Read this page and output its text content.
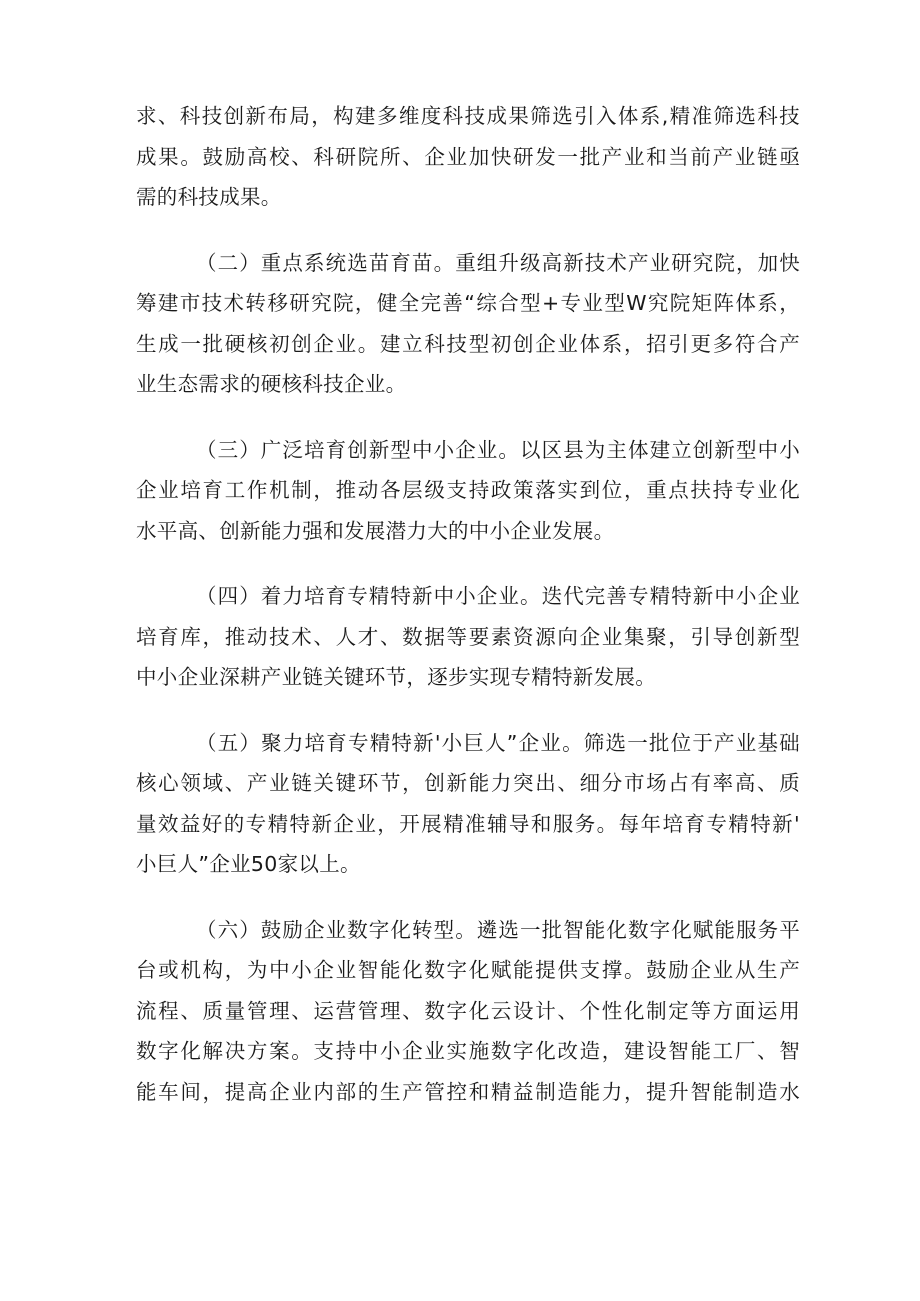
求、科技创新布局，构建多维度科技成果筛选引入体系,精准筛选科技
成果。鼓励高校、科研院所、企业加快研发一批产业和当前产业链亟
需的科技成果。
（二）重点系统选苗育苗。重组升级高新技术产业研究院，加快
筹建市技术转移研究院，健全完善“综合型+专业型W究院矩阵体系，
生成一批硬核初创企业。建立科技型初创企业体系，招引更多符合产
业生态需求的硬核科技企业。
（三）广泛培育创新型中小企业。以区县为主体建立创新型中小
企业培育工作机制，推动各层级支持政策落实到位，重点扶持专业化
水平高、创新能力强和发展潜力大的中小企业发展。
（四）着力培育专精特新中小企业。迭代完善专精特新中小企业
培育库，推动技术、人才、数据等要素资源向企业集聚，引导创新型
中小企业深耕产业链关键环节，逐步实现专精特新发展。
（五）聚力培育专精特新'小巨人”企业。筛选一批位于产业基础
核心领域、产业链关键环节，创新能力突出、细分市场占有率高、质
量效益好的专精特新企业，开展精准辅导和服务。每年培育专精特新'
小巨人”企业50家以上。
（六）鼓励企业数字化转型。遴选一批智能化数字化赋能服务平
台或机构，为中小企业智能化数字化赋能提供支撑。鼓励企业从生产
流程、质量管理、运营管理、数字化云设计、个性化制定等方面运用
数字化解决方案。支持中小企业实施数字化改造，建设智能工厂、智
能车间，提高企业内部的生产管控和精益制造能力，提升智能制造水
